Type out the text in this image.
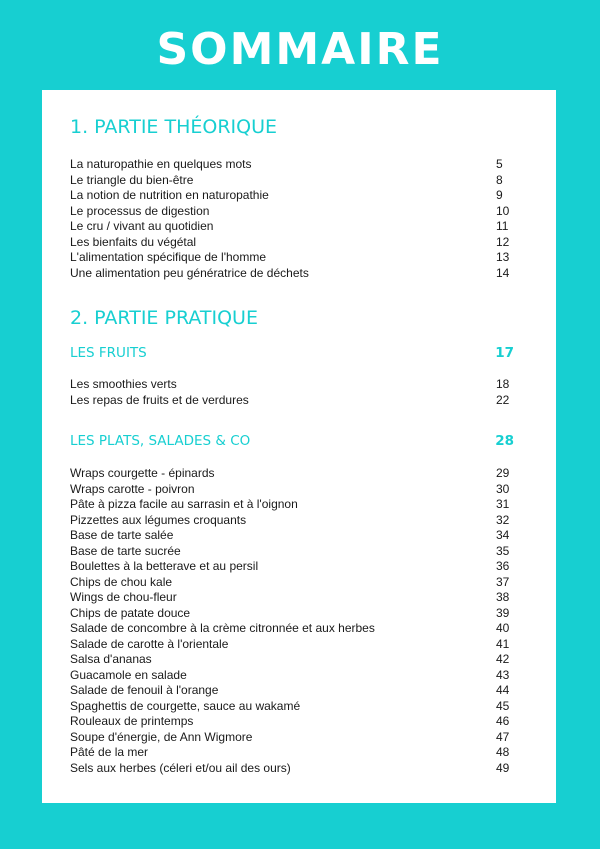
SOMMAIRE
1. PARTIE THÉORIQUE
La naturopathie en quelques mots	5
Le triangle du bien-être	8
La notion de nutrition en naturopathie	9
Le processus de digestion	10
Le cru / vivant au quotidien	11
Les bienfaits du végétal	12
L'alimentation spécifique de l'homme	13
Une alimentation peu génératrice de déchets	14
2. PARTIE PRATIQUE
LES FRUITS	17
Les smoothies verts	18
Les repas de fruits et de verdures	22
LES PLATS, SALADES & CO	28
Wraps courgette - épinards	29
Wraps carotte - poivron	30
Pâte à pizza facile au sarrasin et à l'oignon	31
Pizzettes aux légumes croquants	32
Base de tarte salée	34
Base de tarte sucrée	35
Boulettes à la betterave et au persil	36
Chips de chou kale	37
Wings de chou-fleur	38
Chips de patate douce	39
Salade de concombre à la crème citronnée et aux herbes	40
Salade de carotte à l'orientale	41
Salsa d'ananas	42
Guacamole en salade	43
Salade de fenouil à l'orange	44
Spaghettis de courgette, sauce au wakamé	45
Rouleaux de printemps	46
Soupe d'énergie, de Ann Wigmore	47
Pâté de la mer	48
Sels aux herbes (céleri et/ou ail des ours)	49
